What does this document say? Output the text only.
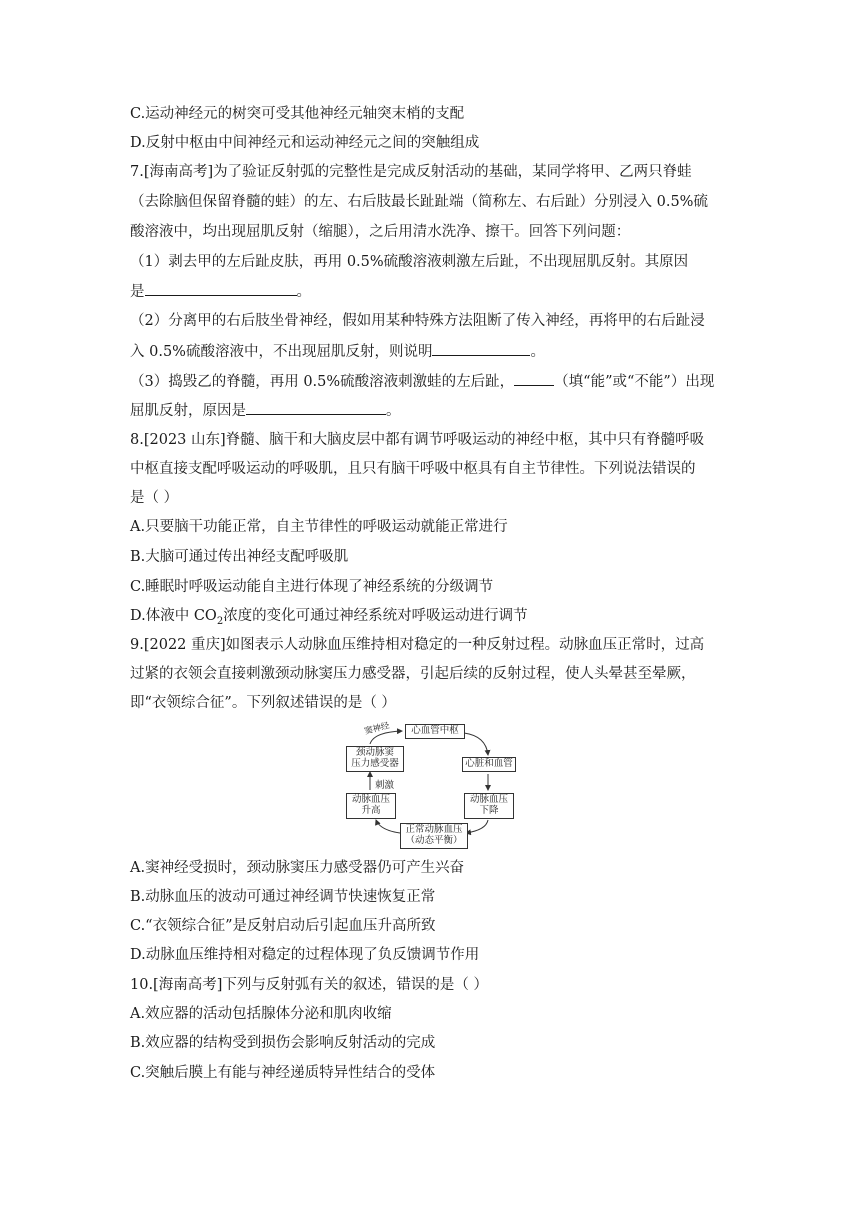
C.运动神经元的树突可受其他神经元轴突末梢的支配
D.反射中枢由中间神经元和运动神经元之间的突触组成
7.[海南高考]为了验证反射弧的完整性是完成反射活动的基础，某同学将甲、乙两只脊蛙
（去除脑但保留脊髓的蛙）的左、右后肢最长趾趾端（简称左、右后趾）分别浸入 0.5%硫
酸溶液中，均出现屈肌反射（缩腿），之后用清水洗净、擦干。回答下列问题：
（1）剥去甲的左后趾皮肤，再用 0.5%硫酸溶液刺激左后趾，不出现屈肌反射。其原因
是	。
（2）分离甲的右后肢坐骨神经，假如用某种特殊方法阻断了传入神经，再将甲的右后趾浸
入 0.5%硫酸溶液中，不出现屈肌反射，则说明	。
（3）捣毁乙的脊髓，再用 0.5%硫酸溶液刺激蛙的左后趾，	（填“能”或“不能”）出现
屈肌反射，原因是	。
8.[2023 山东]脊髓、脑干和大脑皮层中都有调节呼吸运动的神经中枢，其中只有脊髓呼吸
中枢直接支配呼吸运动的呼吸肌，且只有脑干呼吸中枢具有自主节律性。下列说法错误的
是（ ）
A.只要脑干功能正常，自主节律性的呼吸运动就能正常进行
B.大脑可通过传出神经支配呼吸肌
C.睡眠时呼吸运动能自主进行体现了神经系统的分级调节
D.体液中 $CO_2$浓度的变化可通过神经系统对呼吸运动进行调节
9.[2022 重庆]如图表示人动脉血压维持相对稳定的一种反射过程。动脉血压正常时，过高
过紧的衣领会直接刺激颈动脉窦压力感受器，引起后续的反射过程，使人头晕甚至晕厥，
即“衣领综合征”。下列叙述错误的是（ ）
心血管中枢
心脏和血管
动脉血压
下降
正常动脉血压
（动态平衡）
动脉血压
升高
颈动脉窦
压力感受器
刺激
窦神经
A.窦神经受损时，颈动脉窦压力感受器仍可产生兴奋
B.动脉血压的波动可通过神经调节快速恢复正常
C.“衣领综合征”是反射启动后引起血压升高所致
D.动脉血压维持相对稳定的过程体现了负反馈调节作用
10.[海南高考]下列与反射弧有关的叙述，错误的是（ ）
A.效应器的活动包括腺体分泌和肌肉收缩
B.效应器的结构受到损伤会影响反射活动的完成
C.突触后膜上有能与神经递质特异性结合的受体
